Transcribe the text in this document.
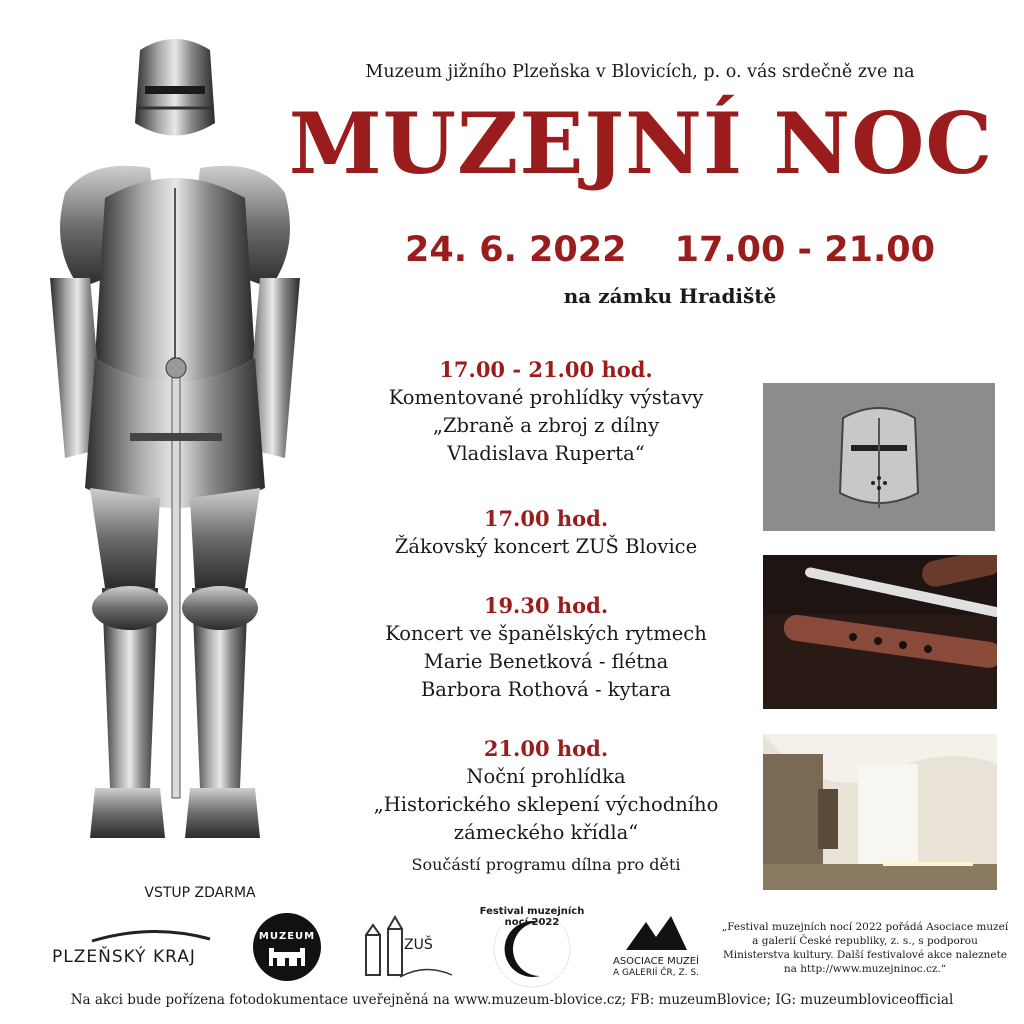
Muzeum jižního Plzeňska v Blovicích, p. o. vás srdečně zve na
MUZEJNÍ NOC
24. 6. 2022 17.00 - 21.00
na zámku Hradiště
17.00 - 21.00 hod.
Komentované prohlídky výstavy
„Zbraně a zbroj z dílny
Vladislava Ruperta“
17.00 hod.
Žákovský koncert ZUŠ Blovice
19.30 hod.
Koncert ve španělských rytmech
Marie Benetková - flétna
Barbora Rothová - kytara
21.00 hod.
Noční prohlídka
„Historického sklepení východního
zámeckého křídla“
Součástí programu dílna pro děti
VSTUP ZDARMA
PLZEŇSKÝ KRAJ
MUZEUM
ZUŠ
Festival muzejních nocí 2022
ASOCIACE MUZEÍ
A GALERIÍ ČR, Z. S.
„Festival muzejních nocí 2022 pořádá Asociace muzeí a galerií České republiky, z. s., s podporou Ministerstva kultury. Další festivalové akce naleznete na http://www.muzejninoc.cz.“
Na akci bude pořízena fotodokumentace uveřejněná na www.muzeum-blovice.cz; FB: muzeumBlovice; IG: muzeumbloviceofficial
